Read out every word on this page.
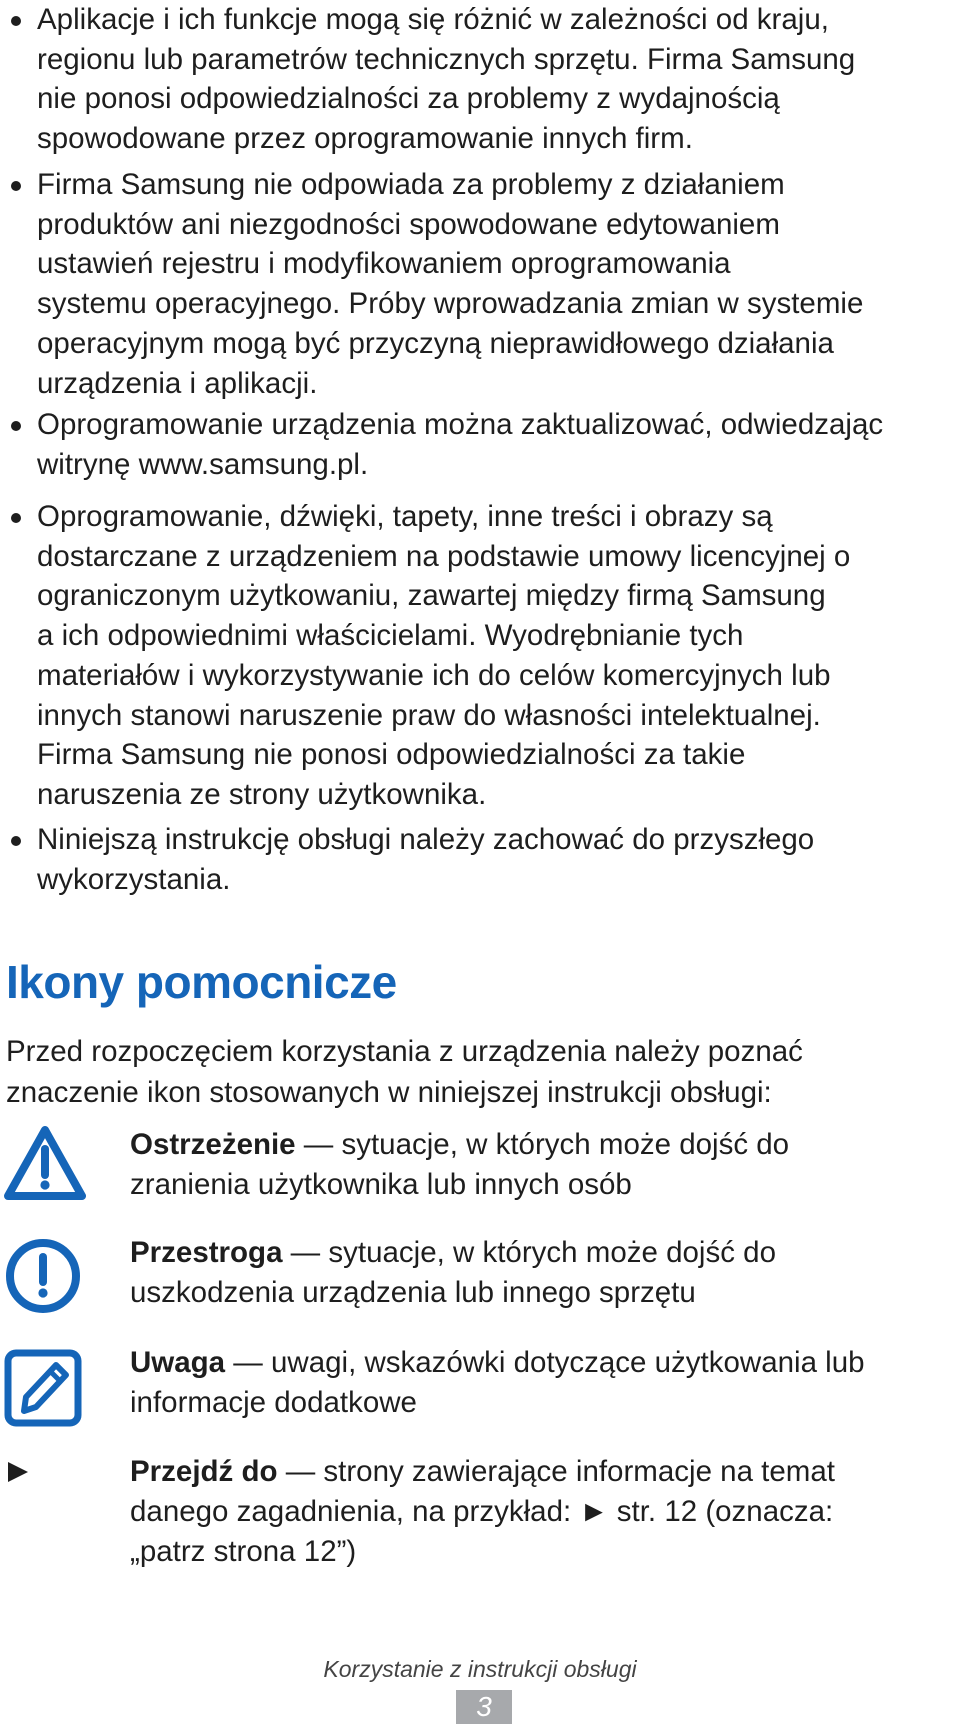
Aplikacje i ich funkcje mogą się różnić w zależności od kraju,
regionu lub parametrów technicznych sprzętu. Firma Samsung
nie ponosi odpowiedzialności za problemy z wydajnością
spowodowane przez oprogramowanie innych firm.
Firma Samsung nie odpowiada za problemy z działaniem
produktów ani niezgodności spowodowane edytowaniem
ustawień rejestru i modyfikowaniem oprogramowania
systemu operacyjnego. Próby wprowadzania zmian w systemie
operacyjnym mogą być przyczyną nieprawidłowego działania
urządzenia i aplikacji.
Oprogramowanie urządzenia można zaktualizować, odwiedzając
witrynę www.samsung.pl.
Oprogramowanie, dźwięki, tapety, inne treści i obrazy są
dostarczane z urządzeniem na podstawie umowy licencyjnej o
ograniczonym użytkowaniu, zawartej między firmą Samsung
a ich odpowiednimi właścicielami. Wyodrębnianie tych
materiałów i wykorzystywanie ich do celów komercyjnych lub
innych stanowi naruszenie praw do własności intelektualnej.
Firma Samsung nie ponosi odpowiedzialności za takie
naruszenia ze strony użytkownika.
Niniejszą instrukcję obsługi należy zachować do przyszłego
wykorzystania.
Ikony pomocnicze
Przed rozpoczęciem korzystania z urządzenia należy poznać
znaczenie ikon stosowanych w niniejszej instrukcji obsługi:
Ostrzeżenie — sytuacje, w których może dojść do
zranienia użytkownika lub innych osób
Przestroga — sytuacje, w których może dojść do
uszkodzenia urządzenia lub innego sprzętu
Uwaga — uwagi, wskazówki dotyczące użytkowania lub
informacje dodatkowe
Przejdź do — strony zawierające informacje na temat
danego zagadnienia, na przykład: ► str. 12 (oznacza:
„patrz strona 12”)
Korzystanie z instrukcji obsługi
3
